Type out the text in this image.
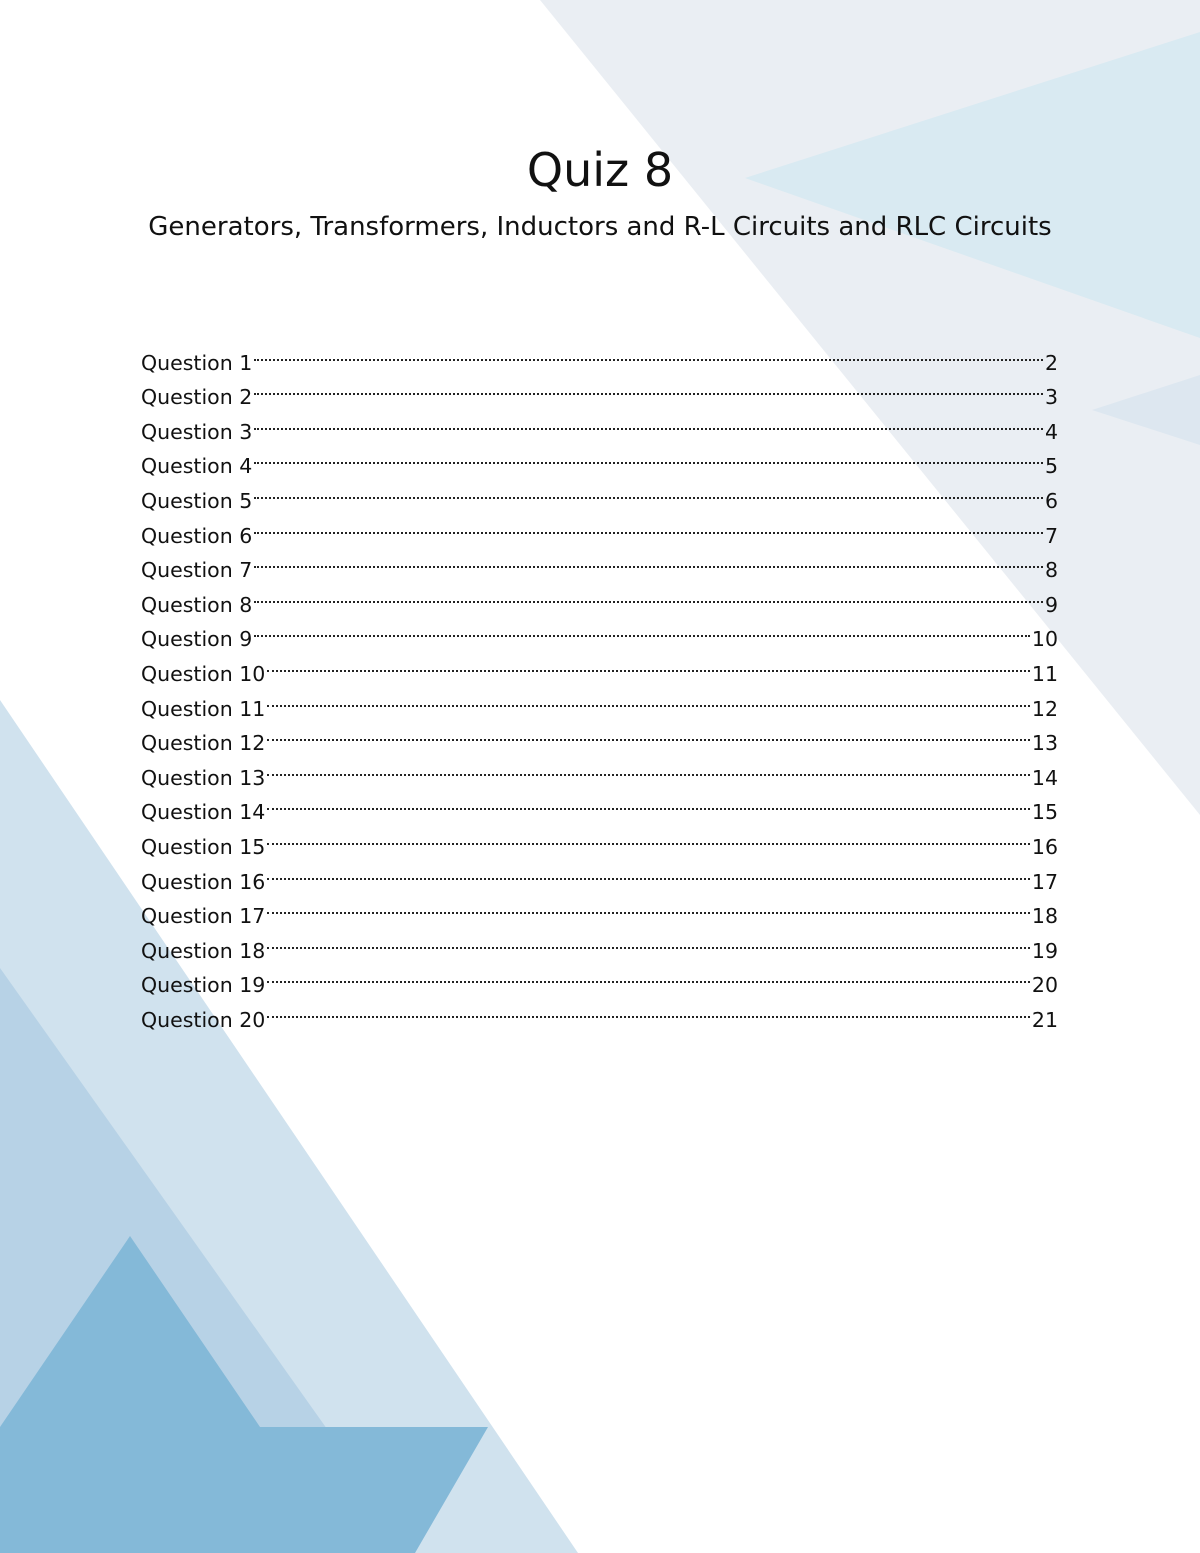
Quiz 8
Generators, Transformers, Inductors and R-L Circuits and RLC Circuits
Question 1	2
Question 2	3
Question 3	4
Question 4	5
Question 5	6
Question 6	7
Question 7	8
Question 8	9
Question 9	10
Question 10	11
Question 11	12
Question 12	13
Question 13	14
Question 14	15
Question 15	16
Question 16	17
Question 17	18
Question 18	19
Question 19	20
Question 20	21
